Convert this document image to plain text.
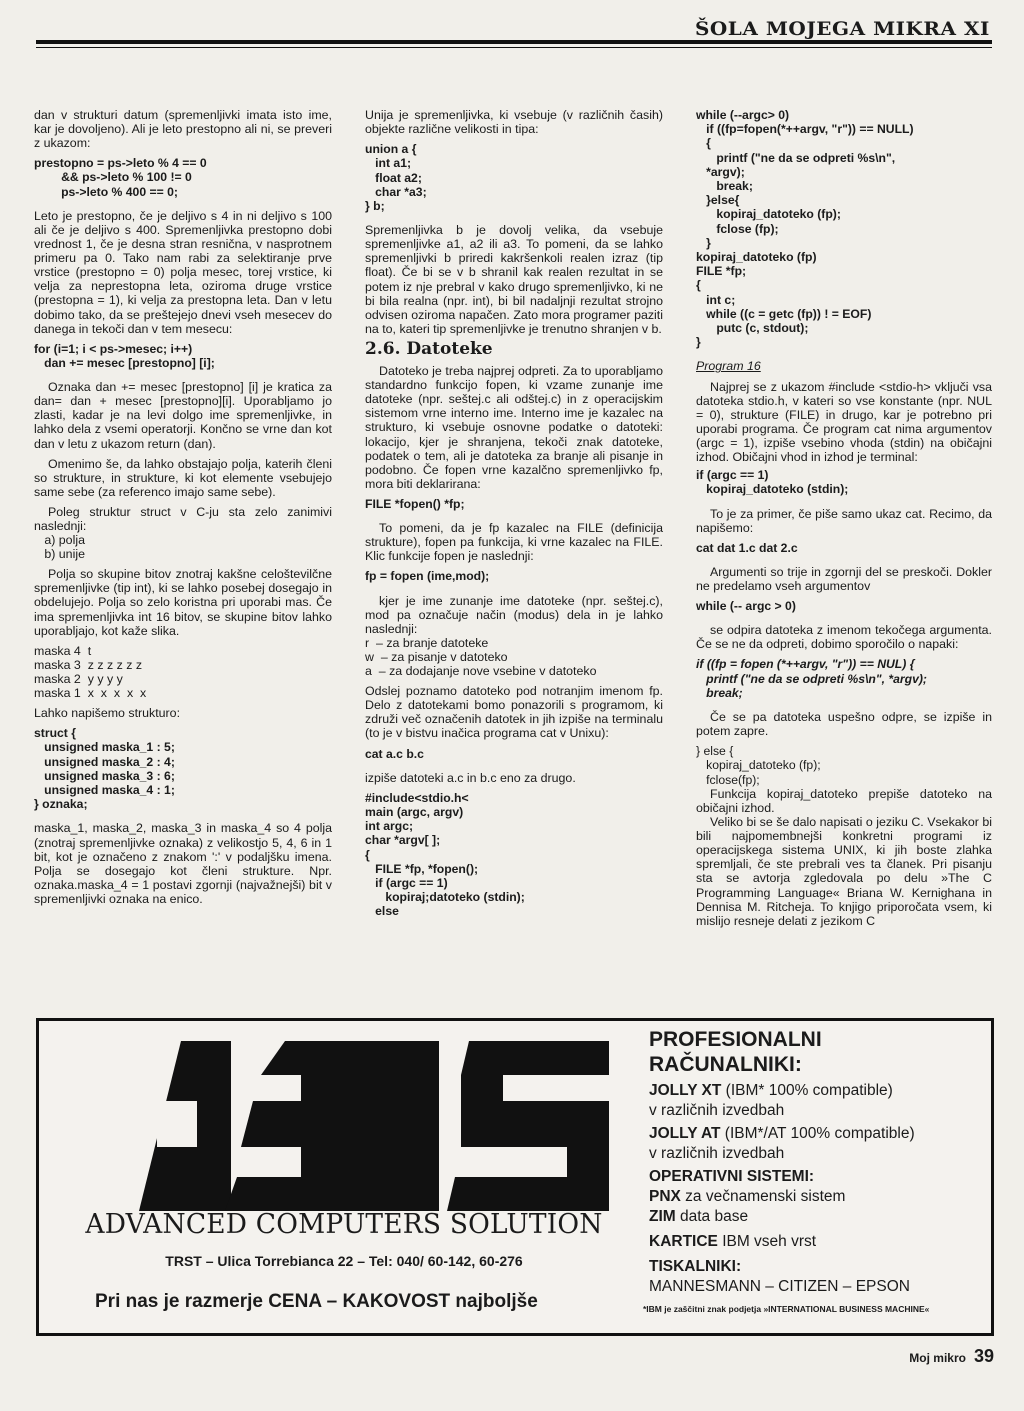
ŠOLA MOJEGA MIKRA XI

dan v strukturi datum (spremenljivki imata isto ime, kar je dovoljeno). Ali je leto prestopno ali ni, se preveri z ukazom:

prestopno = ps->leto % 4 == 0
&& ps->leto % 100 != 0
ps->leto % 400 == 0;

Leto je prestopno, če je deljivo s 4 in ni deljivo s 100 ali če je deljivo s 400. Spremenljivka prestopno dobi vrednost 1, če je desna stran resnična, v nasprotnem primeru pa 0. Tako nam rabi za selektiranje prve vrstice (prestopno = 0) polja mesec, torej vrstice, ki velja za neprestopna leta, oziroma druge vrstice (prestopna = 1), ki velja za prestopna leta. Dan v letu dobimo tako, da se preštejejo dnevi vseh mesecev do danega in tekoči dan v tem mesecu:

for (i=1; i < ps->mesec; i++)
dan += mesec [prestopno] [i];

Oznaka dan += mesec [prestopno] [i] je kratica za dan= dan + mesec [prestopno][i]. Uporabljamo jo zlasti, kadar je na levi dolgo ime spremenljivke, in lahko dela z vsemi operatorji. Končno se vrne dan kot dan v letu z ukazom return (dan).

Omenimo še, da lahko obstajajo polja, katerih členi so strukture, in strukture, ki kot elemente vsebujejo same sebe (za referenco imajo same sebe).

Poleg struktur struct v C-ju sta zelo zanimivi naslednji:

a) polja
b) unije

Polja so skupine bitov znotraj kakšne celoštevilčne spremenljivke (tip int), ki se lahko posebej dosegajo in obdelujejo. Polja so zelo koristna pri uporabi mas. Če ima spremenljivka int 16 bitov, se skupine bitov lahko uporabljajo, kot kaže slika.

maska 4  t
maska 3  z z z z z z
maska 2  y y y y
maska 1  x  x  x  x  x

Lahko napišemo strukturo:

struct {
unsigned maska_1 : 5;
unsigned maska_2 : 4;
unsigned maska_3 : 6;
unsigned maska_4 : 1;
} oznaka;

maska_1, maska_2, maska_3 in maska_4 so 4 polja (znotraj spremenljivke oznaka) z velikostjo 5, 4, 6 in 1 bit, kot je označeno z znakom ':' v podaljšku imena. Polja se dosegajo kot členi strukture. Npr. oznaka.maska_4 = 1 postavi zgornji (najvažnejši) bit v spremenljivki oznaka na enico.

Unija je spremenljivka, ki vsebuje (v različnih časih) objekte različne velikosti in tipa:

union a {
int a1;
float a2;
char *a3;
} b;

Spremenljivka b je dovolj velika, da vsebuje spremenljivke a1, a2 ili a3. To pomeni, da se lahko spremenljivki b priredi kakršenkoli realen izraz (tip float). Če bi se v b shranil kak realen rezultat in se potem iz nje prebral v kako drugo spremenljivko, ki ne bi bila realna (npr. int), bi bil nadaljnji rezultat strojno odvisen oziroma napačen. Zato mora programer paziti na to, kateri tip spremenljivke je trenutno shranjen v b.

2.6. Datoteke

Datoteko je treba najprej odpreti. Za to uporabljamo standardno funkcijo fopen, ki vzame zunanje ime datoteke (npr. seštej.c ali odštej.c) in z operacijskim sistemom vrne interno ime. Interno ime je kazalec na strukturo, ki vsebuje osnovne podatke o datoteki: lokacijo, kjer je shranjena, tekoči znak datoteke, podatek o tem, ali je datoteka za branje ali pisanje in podobno. Če fopen vrne kazalčno spremenljivko fp, mora biti deklarirana:

FILE *fopen() *fp;

To pomeni, da je fp kazalec na FILE (definicija strukture), fopen pa funkcija, ki vrne kazalec na FILE. Klic funkcije fopen je naslednji:

fp = fopen (ime,mod);

kjer je ime zunanje ime datoteke (npr. seštej.c), mod pa označuje način (modus) dela in je lahko naslednji:

r  – za branje datoteke
w  – za pisanje v datoteko
a  – za dodajanje nove vsebine v datoteko

Odslej poznamo datoteko pod notranjim imenom fp. Delo z datotekami bomo ponazorili s programom, ki združi več označenih datotek in jih izpiše na terminalu (to je v bistvu inačica programa cat v Unixu):

cat a.c b.c

izpiše datoteki a.c in b.c eno za drugo.

#include<stdio.h<
main (argc, argv)
int argc;
char *argv[ ];
{
FILE *fp, *fopen();
if (argc == 1)
kopiraj;datoteko (stdin);
else
while (--argc> 0)
if ((fp=fopen(*++argv, "r")) == NULL)
{
printf ("ne da se odpreti %s\n",
*argv);
break;
}else{
kopiraj_datoteko (fp);
fclose (fp);
}
kopiraj_datoteko (fp)
FILE *fp;
{
int c;
while ((c = getc (fp)) ! = EOF)
putc (c, stdout);
}
Program 16

Najprej se z ukazom #include <stdio-h> vključi vsa datoteka stdio.h, v kateri so vse konstante (npr. NUL = 0), strukture (FILE) in drugo, kar je potrebno pri uporabi programa. Če program cat nima argumentov (argc = 1), izpiše vsebino vhoda (stdin) na običajni izhod. Običajni vhod in izhod je terminal:

if (argc == 1)
kopiraj_datoteko (stdin);

To je za primer, če piše samo ukaz cat. Recimo, da napišemo:

cat dat 1.c dat 2.c

Argumenti so trije in zgornji del se preskoči. Dokler ne predelamo vseh argumentov

while (-- argc > 0)

se odpira datoteka z imenom tekočega argumenta. Če se ne da odpreti, dobimo sporočilo o napaki:

if ((fp = fopen (*++argv, "r")) == NUL) {
printf ("ne da se odpreti %s\n", *argv);
break;

Če se pa datoteka uspešno odpre, se izpiše in potem zapre.

} else {
kopiraj_datoteko (fp);
fclose(fp);

Funkcija kopiraj_datoteko prepiše datoteko na običajni izhod.

Veliko bi se še dalo napisati o jeziku C. Vsekakor bi bili najpomembnejši konkretni programi iz operacijskega sistema UNIX, ki jih boste zlahka spremljali, če ste prebrali ves ta članek. Pri pisanju sta se avtorja zgledovala po delu »The C Programming Language« Briana W. Kernighana in Dennisa M. Ritcheja. To knjigo priporočata vsem, ki mislijo resneje delati z jezikom C

ADVANCED COMPUTERS SOLUTION
TRST – Ulica Torrebianca 22 – Tel: 040/ 60-142, 60-276
Pri nas je razmerje CENA – KAKOVOST najboljše
PROFESIONALNI
RAČUNALNIKI:
JOLLY XT (IBM* 100% compatible)
v različnih izvedbah
JOLLY AT (IBM*/AT 100% compatible)
v različnih izvedbah
OPERATIVNI SISTEMI:
PNX za večnamenski sistem
ZIM data base
KARTICE IBM vseh vrst
TISKALNIKI:
MANNESMANN – CITIZEN – EPSON
*IBM je zaščitni znak podjetja »INTERNATIONAL BUSINESS MACHINE«
Moj mikro 39
